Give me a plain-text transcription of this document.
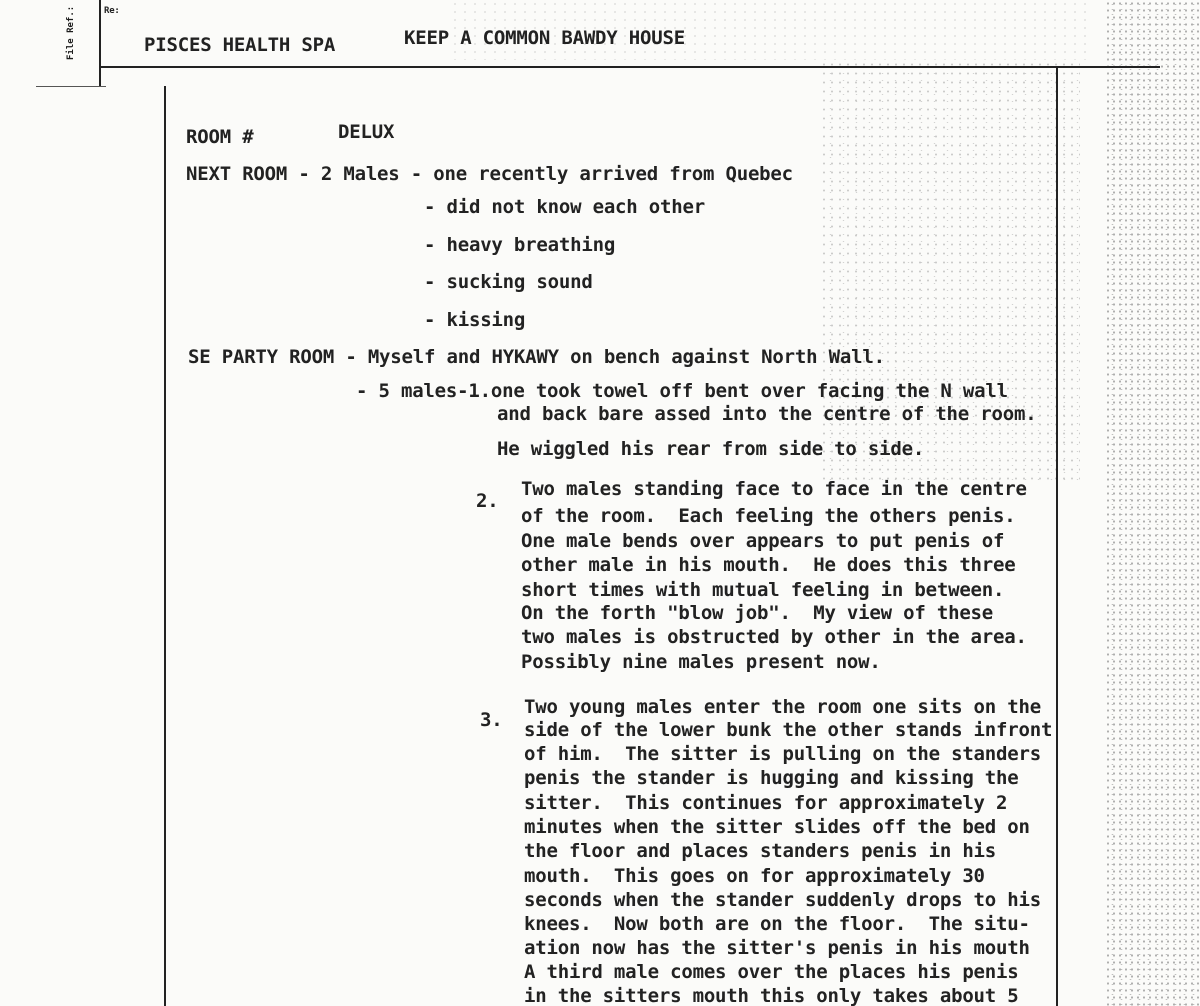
Re:
File Ref.:	PISCES HEALTH SPA	KEEP A COMMON BAWDY HOUSE
ROOM #	DELUX
NEXT ROOM - 2 Males - one recently arrived from Quebec
- did not know each other
- heavy breathing
- sucking sound
- kissing
SE PARTY ROOM - Myself and HYKAWY on bench against North Wall.
- 5 males-1.one took towel off bent over facing the N wall
and back bare assed into the centre of the room.
He wiggled his rear from side to side.
2.
Two males standing face to face in the centre
of the room.  Each feeling the others penis.
One male bends over appears to put penis of
other male in his mouth.  He does this three
short times with mutual feeling in between.
On the forth "blow job".  My view of these
two males is obstructed by other in the area.
Possibly nine males present now.
3.
Two young males enter the room one sits on the
side of the lower bunk the other stands infront
of him.  The sitter is pulling on the standers
penis the stander is hugging and kissing the
sitter.  This continues for approximately 2
minutes when the sitter slides off the bed on
the floor and places standers penis in his
mouth.  This goes on for approximately 30
seconds when the stander suddenly drops to his
knees.  Now both are on the floor.  The situ-
ation now has the sitter's penis in his mouth
A third male comes over the places his penis
in the sitters mouth this only takes about 5
